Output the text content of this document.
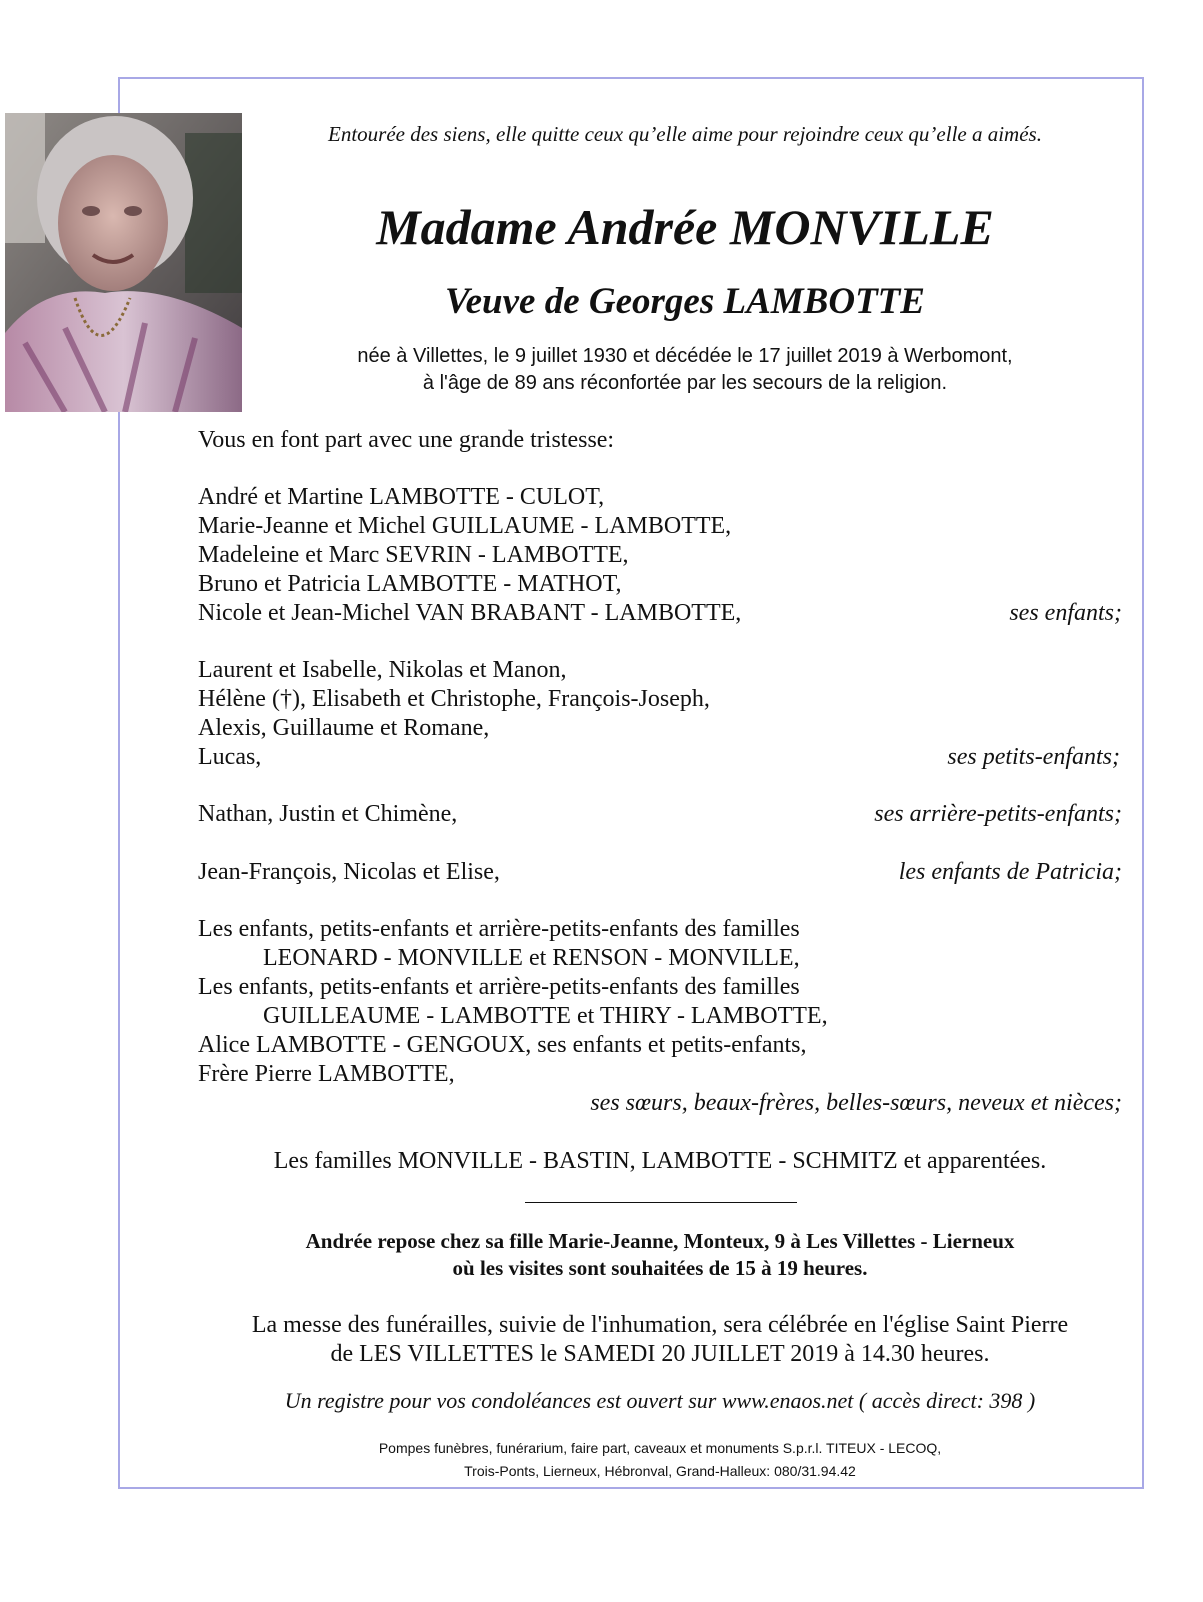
Entourée des siens, elle quitte ceux qu’elle aime pour rejoindre ceux qu’elle a aimés.
Madame Andrée MONVILLE
Veuve de Georges LAMBOTTE
née à Villettes, le 9 juillet 1930 et décédée le 17 juillet 2019 à Werbomont,
à l'âge de 89 ans réconfortée par les secours de la religion.
Vous en font part avec une grande tristesse:
André et Martine LAMBOTTE - CULOT,
Marie-Jeanne et Michel GUILLAUME - LAMBOTTE,
Madeleine et Marc SEVRIN - LAMBOTTE,
Bruno et Patricia LAMBOTTE - MATHOT,
Nicole et Jean-Michel VAN BRABANT - LAMBOTTE,	ses enfants;
Laurent et Isabelle, Nikolas et Manon,
Hélène (†), Elisabeth et Christophe, François-Joseph,
Alexis, Guillaume et Romane,
Lucas,	ses petits-enfants;
Nathan, Justin et Chimène,	ses arrière-petits-enfants;
Jean-François, Nicolas et Elise,	les enfants de Patricia;
Les enfants, petits-enfants et arrière-petits-enfants des familles
LEONARD - MONVILLE et RENSON - MONVILLE,
Les enfants, petits-enfants et arrière-petits-enfants des familles
GUILLEAUME - LAMBOTTE et THIRY - LAMBOTTE,
Alice LAMBOTTE - GENGOUX, ses enfants et petits-enfants,
Frère Pierre LAMBOTTE,
ses sœurs, beaux-frères, belles-sœurs, neveux et nièces;
Les familles MONVILLE - BASTIN, LAMBOTTE - SCHMITZ et apparentées.
Andrée repose chez sa fille Marie-Jeanne, Monteux, 9 à Les Villettes - Lierneux
où les visites sont souhaitées de 15 à 19 heures.
La messe des funérailles, suivie de l'inhumation, sera célébrée en l'église Saint Pierre
de LES VILLETTES le SAMEDI 20 JUILLET 2019 à 14.30 heures.
Un registre pour vos condoléances est ouvert sur www.enaos.net ( accès direct: 398 )
Pompes funèbres, funérarium, faire part, caveaux et monuments S.p.r.l. TITEUX - LECOQ,
Trois-Ponts, Lierneux, Hébronval, Grand-Halleux: 080/31.94.42
